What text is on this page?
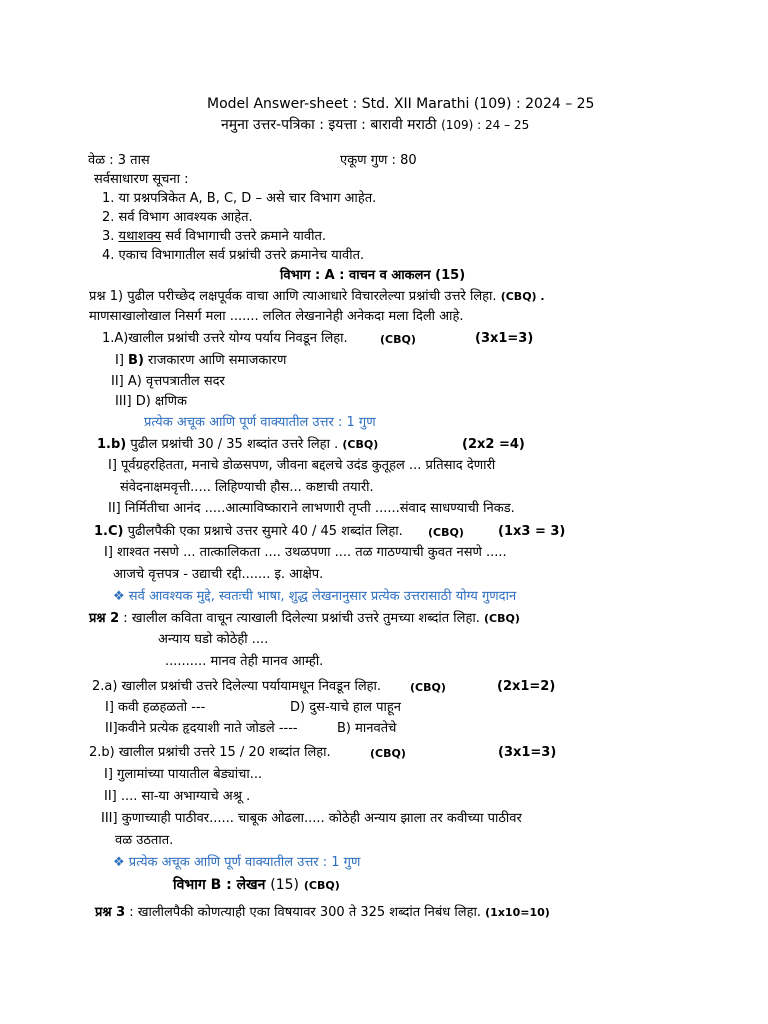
Model Answer-sheet : Std. XII Marathi (109) : 2024 – 25
नमुना उत्तर-पत्रिका : इयत्ता : बारावी मराठी (109) : 24 – 25
वेळ : 3 तास	एकूण गुण : 80
सर्वसाधारण सूचना :
1. या प्रश्नपत्रिकेत A, B, C, D – असे चार विभाग आहेत.
2. सर्व विभाग आवश्यक आहेत.
3. यथाशक्य सर्व विभागाची उत्तरे क्रमाने यावीत.
4. एकाच विभागातील सर्व प्रश्नांची उत्तरे क्रमानेच यावीत.
विभाग : A : वाचन व आकलन (15)
प्रश्न 1) पुढील परीच्छेद लक्षपूर्वक वाचा आणि त्याआधारे विचारलेल्या प्रश्नांची उत्तरे लिहा. (CBQ) .
माणसाखालोखाल निसर्ग मला ....... ललित लेखनानेही अनेकदा मला दिली आहे.
1.A)खालील प्रश्नांची उत्तरे योग्य पर्याय निवडून लिहा.	(CBQ)	(3x1=3)
I] B) राजकारण आणि समाजकारण
II] A) वृत्तपत्रातील सदर
III] D) क्षणिक
प्रत्येक अचूक आणि पूर्ण वाक्यातील उत्तर : 1 गुण
1.b) पुढील प्रश्नांची 30 / 35 शब्दांत उत्तरे लिहा . (CBQ)	(2x2 =4)
I] पूर्वग्रहरहितता, मनाचे डोळसपण, जीवना बद्दलचे उदंड कुतूहल ... प्रतिसाद देणारी
संवेदनाक्षमवृत्ती..... लिहिण्याची हौस... कष्टाची तयारी.
II] निर्मितीचा आनंद .....आत्माविष्काराने लाभणारी तृप्ती ......संवाद साधण्याची निकड.
1.C) पुढीलपैकी एका प्रश्नाचे उत्तर सुमारे 40 / 45 शब्दांत लिहा. (CBQ)	(1x3 = 3)
I] शाश्वत नसणे ... तात्कालिकता .... उथळपणा .... तळ गाठण्याची कुवत नसणे .....
आजचे वृत्तपत्र - उद्याची रद्दी....... इ. आक्षेप.
❖ सर्व आवश्यक मुद्दे, स्वतःची भाषा, शुद्ध लेखनानुसार प्रत्येक उत्तरासाठी योग्य गुणदान
प्रश्न 2 : खालील कविता वाचून त्याखाली दिलेल्या प्रश्नांची उत्तरे तुमच्या शब्दांत लिहा. (CBQ)
अन्याय घडो कोठेही ....
.......... मानव तेही मानव आम्ही.
2.a) खालील प्रश्नांची उत्तरे दिलेल्या पर्यायामधून निवडून लिहा.	(CBQ)	(2x1=2)
I] कवी हळहळतो ---	D) दुस-याचे हाल पाहून
II]कवीने प्रत्येक हृदयाशी नाते जोडले ----	B) मानवतेचे
2.b) खालील प्रश्नांची उत्तरे 15 / 20 शब्दांत लिहा.	(CBQ)	(3x1=3)
I] गुलामांच्या पायातील बेड्यांचा...
II] .... सा-या अभाग्याचे अश्रू .
III] कुणाच्याही पाठीवर...... चाबूक ओढला..... कोठेही अन्याय झाला तर कवीच्या पाठीवर
वळ उठतात.
❖ प्रत्येक अचूक आणि पूर्ण वाक्यातील उत्तर : 1 गुण
विभाग B : लेखन (15) (CBQ)
प्रश्न 3 : खालीलपैकी कोणत्याही एका विषयावर 300 ते 325 शब्दांत निबंध लिहा. (1x10=10)
